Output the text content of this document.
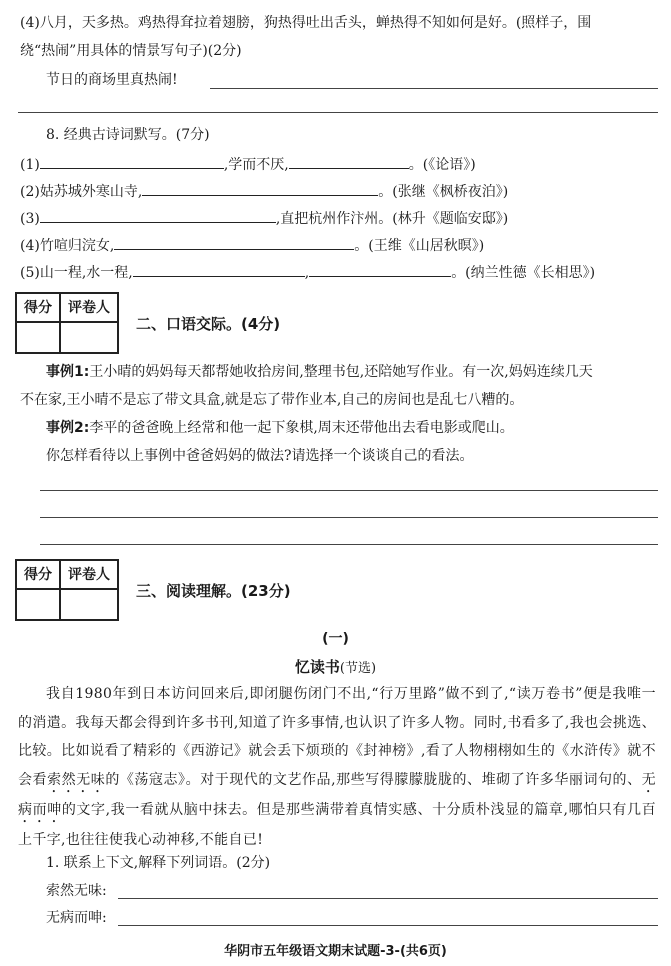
(4)八月，天多热。鸡热得耷拉着翅膀，狗热得吐出舌头，蝉热得不知如何是好。(照样子，围
绕“热闹”用具体的情景写句子)(2分)
节日的商场里真热闹!
8. 经典古诗词默写。(7分)
(1)	,学而不厌,	。(《论语》)
(2)姑苏城外寒山寺,	。(张继《枫桥夜泊》)
(3)	,直把杭州作汴州。(林升《题临安邸》)
(4)竹喧归浣女,	。(王维《山居秋暝》)
(5)山一程,水一程,	,	。(纳兰性德《长相思》)
得分	评卷人
二、口语交际。(4分)
事例1:王小晴的妈妈每天都帮她收拾房间,整理书包,还陪她写作业。有一次,妈妈连续几天
不在家,王小晴不是忘了带文具盒,就是忘了带作业本,自己的房间也是乱七八糟的。
事例2:李平的爸爸晚上经常和他一起下象棋,周末还带他出去看电影或爬山。
你怎样看待以上事例中爸爸妈妈的做法?请选择一个谈谈自己的看法。
得分	评卷人
三、阅读理解。(23分)
(一)
忆读书(节选)
我自1980年到日本访问回来后,即闭腿伤闭门不出,“行万里路”做不到了,“读万卷书”便是我唯一的消遣。我每天都会得到许多书刊,知道了许多事情,也认识了许多人物。同时,书看多了,我也会挑选、比较。比如说看了精彩的《西游记》就会丢下烦琐的《封神榜》,看了人物栩栩如生的《水浒传》就不会看索然无味的《荡寇志》。对于现代的文艺作品,那些写得朦朦胧胧的、堆砌了许多华丽词句的、无病而呻的文字,我一看就从脑中抹去。但是那些满带着真情实感、十分质朴浅显的篇章,哪怕只有几百上千字,也往往使我心动神移,不能自已!
1. 联系上下文,解释下列词语。(2分)
索然无味:
无病而呻:
华阴市五年级语文期末试题-3-(共6页)
